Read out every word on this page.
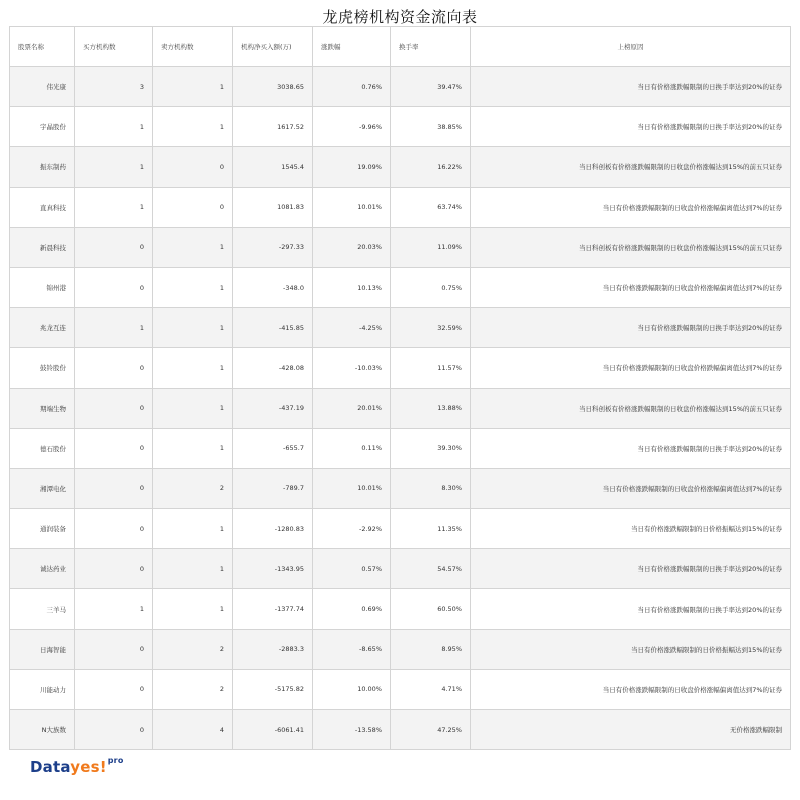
龙虎榜机构资金流向表
股票名称	买方机构数	卖方机构数	机构净买入额(万)	涨跌幅	换手率	上榜原因
伟光康	3	1	3038.65	0.76%	39.47%	当日有价格涨跌幅限制的日换手率达到20%的证券
宇晶股份	1	1	1617.52	-9.96%	38.85%	当日有价格涨跌幅限制的日换手率达到20%的证券
振东制药	1	0	1545.4	19.09%	16.22%	当日科创板有价格涨跌幅限制的日收盘价格涨幅达到15%的前五只证券
直真科技	1	0	1081.83	10.01%	63.74%	当日有价格涨跌幅限制的日收盘价格涨幅偏离值达到7%的证券
新晨科技	0	1	-297.33	20.03%	11.09%	当日科创板有价格涨跌幅限制的日收盘价格涨幅达到15%的前五只证券
锦州港	0	1	-348.0	10.13%	0.75%	当日有价格涨跌幅限制的日收盘价格涨幅偏离值达到7%的证券
兆龙互连	1	1	-415.85	-4.25%	32.59%	当日有价格涨跌幅限制的日换手率达到20%的证券
鼓铃股份	0	1	-428.08	-10.03%	11.57%	当日有价格涨跌幅限制的日收盘价格跌幅偏离值达到7%的证券
期端生物	0	1	-437.19	20.01%	13.88%	当日科创板有价格涨跌幅限制的日收盘价格涨幅达到15%的前五只证券
德石股份	0	1	-655.7	0.11%	39.30%	当日有价格涨跌幅限制的日换手率达到20%的证券
湘潭电化	0	2	-789.7	10.01%	8.30%	当日有价格涨跌幅限制的日收盘价格涨幅偏离值达到7%的证券
通润装备	0	1	-1280.83	-2.92%	11.35%	当日有价格涨跌幅限制的日价格振幅达到15%的证券
诚达药业	0	1	-1343.95	0.57%	54.57%	当日有价格涨跌幅限制的日换手率达到20%的证券
三羊马	1	1	-1377.74	0.69%	60.50%	当日有价格涨跌幅限制的日换手率达到20%的证券
日海智能	0	2	-2883.3	-8.65%	8.95%	当日有价格涨跌幅限制的日价格振幅达到15%的证券
川能动力	0	2	-5175.82	10.00%	4.71%	当日有价格涨跌幅限制的日收盘价格涨幅偏离值达到7%的证券
N大族数	0	4	-6061.41	-13.58%	47.25%	无价格涨跌幅限制
Datayes!$^{pro}$
